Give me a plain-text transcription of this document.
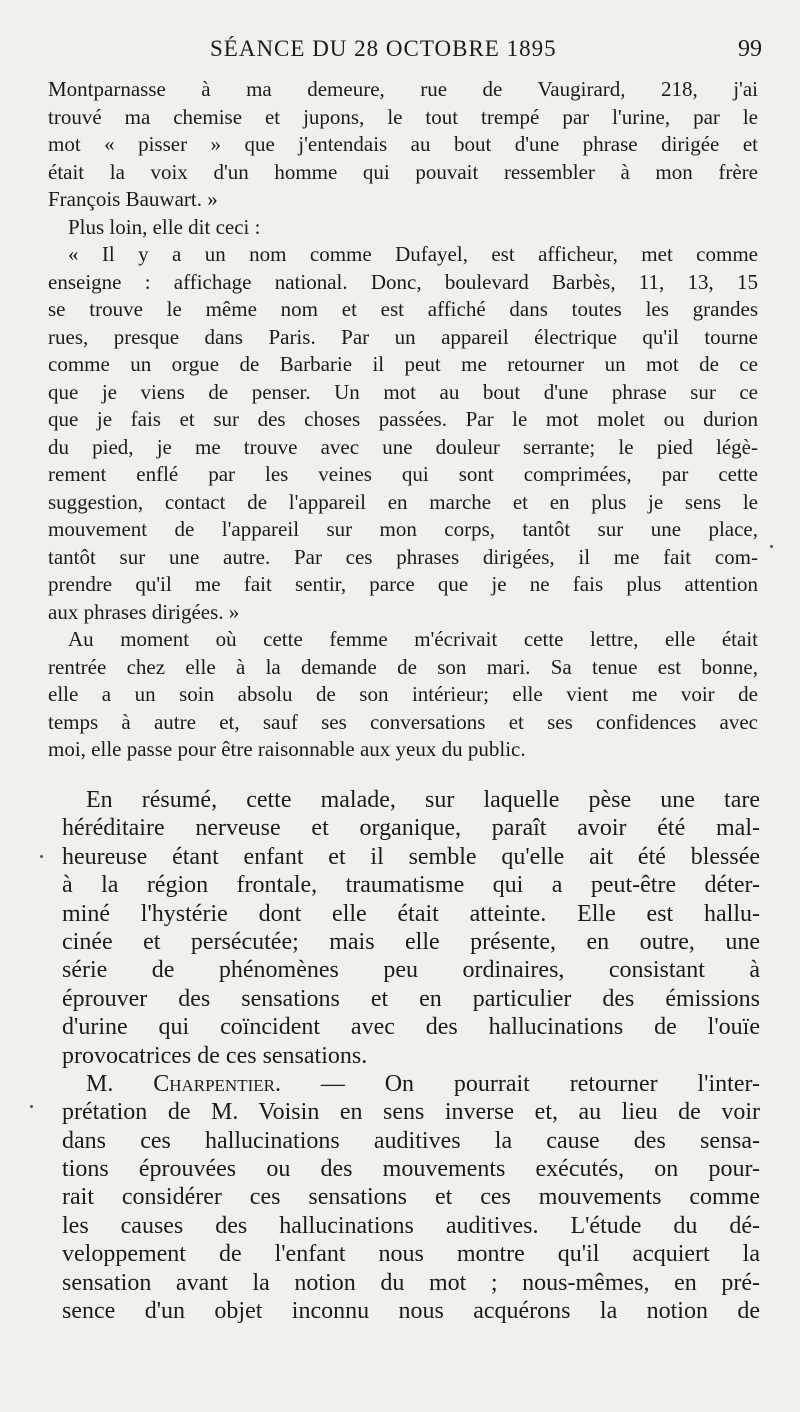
SÉANCE DU 28 OCTOBRE 1895	99
Montparnasse à ma demeure, rue de Vaugirard, 218, j'ai
trouvé ma chemise et jupons, le tout trempé par l'urine, par le
mot « pisser » que j'entendais au bout d'une phrase dirigée et
était la voix d'un homme qui pouvait ressembler à mon frère
François Bauwart. »
Plus loin, elle dit ceci :
« Il y a un nom comme Dufayel, est afficheur, met comme
enseigne : affichage national. Donc, boulevard Barbès, 11, 13, 15
se trouve le même nom et est affiché dans toutes les grandes
rues, presque dans Paris. Par un appareil électrique qu'il tourne
comme un orgue de Barbarie il peut me retourner un mot de ce
que je viens de penser. Un mot au bout d'une phrase sur ce
que je fais et sur des choses passées. Par le mot molet ou durion
du pied, je me trouve avec une douleur serrante; le pied légè-
rement enflé par les veines qui sont comprimées, par cette
suggestion, contact de l'appareil en marche et en plus je sens le
mouvement de l'appareil sur mon corps, tantôt sur une place,
tantôt sur une autre. Par ces phrases dirigées, il me fait com-
prendre qu'il me fait sentir, parce que je ne fais plus attention
aux phrases dirigées. »
Au moment où cette femme m'écrivait cette lettre, elle était
rentrée chez elle à la demande de son mari. Sa tenue est bonne,
elle a un soin absolu de son intérieur; elle vient me voir de
temps à autre et, sauf ses conversations et ses confidences avec
moi, elle passe pour être raisonnable aux yeux du public.
En résumé, cette malade, sur laquelle pèse une tare
héréditaire nerveuse et organique, paraît avoir été mal-
heureuse étant enfant et il semble qu'elle ait été blessée
à la région frontale, traumatisme qui a peut-être déter-
miné l'hystérie dont elle était atteinte. Elle est hallu-
cinée et persécutée; mais elle présente, en outre, une
série de phénomènes peu ordinaires, consistant à
éprouver des sensations et en particulier des émissions
d'urine qui coïncident avec des hallucinations de l'ouïe
provocatrices de ces sensations.
M. Charpentier. — On pourrait retourner l'inter-
prétation de M. Voisin en sens inverse et, au lieu de voir
dans ces hallucinations auditives la cause des sensa-
tions éprouvées ou des mouvements exécutés, on pour-
rait considérer ces sensations et ces mouvements comme
les causes des hallucinations auditives. L'étude du dé-
veloppement de l'enfant nous montre qu'il acquiert la
sensation avant la notion du mot ; nous-mêmes, en pré-
sence d'un objet inconnu nous acquérons la notion de
